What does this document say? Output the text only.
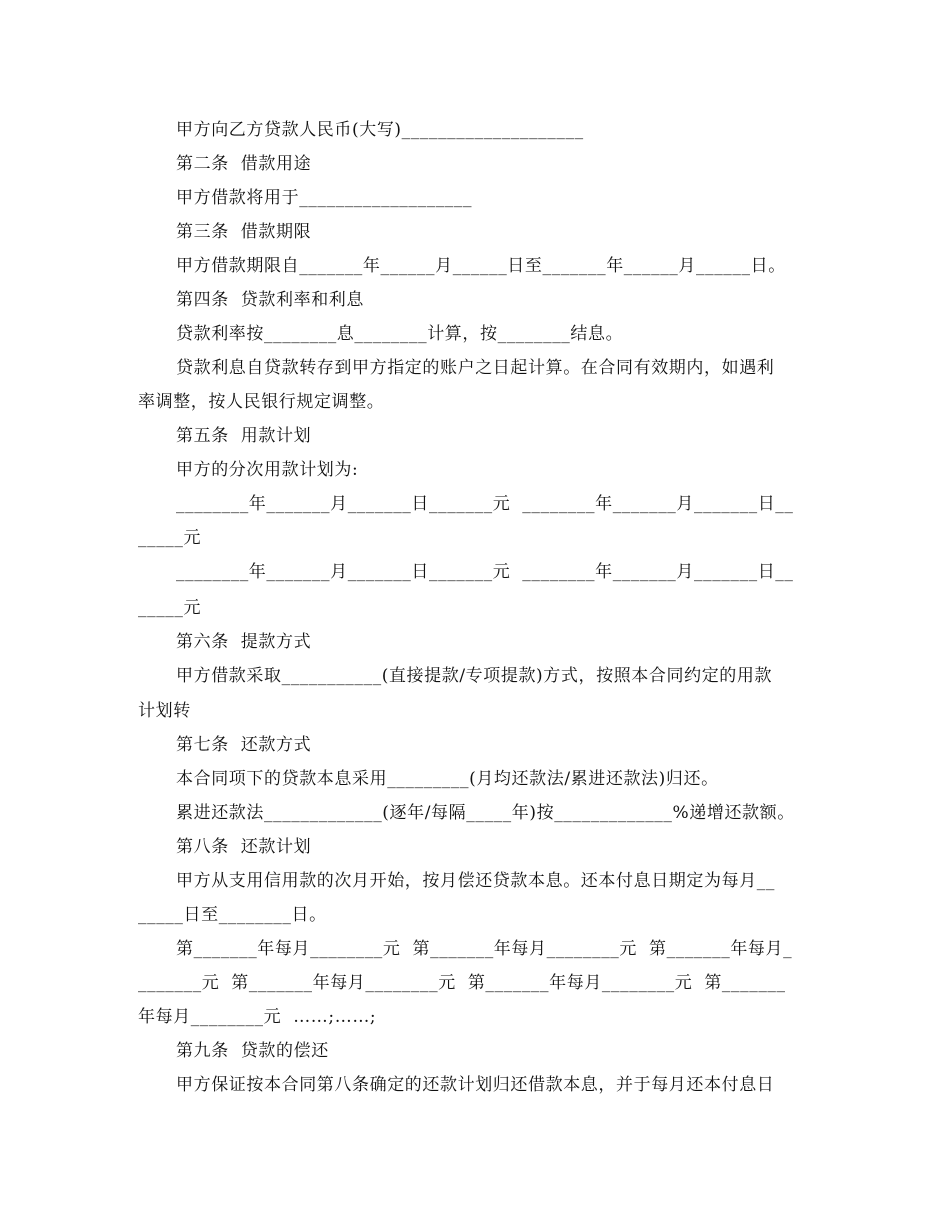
甲方向乙方贷款人民币(大写)____________________
第二条  借款用途
甲方借款将用于___________________
第三条  借款期限
甲方借款期限自_______年______月______日至_______年______月______日。
第四条  贷款利率和利息
贷款利率按________息________计算，按________结息。
贷款利息自贷款转存到甲方指定的账户之日起计算。在合同有效期内，如遇利
率调整，按人民银行规定调整。
第五条  用款计划
甲方的分次用款计划为:
________年_______月_______日_______元  ________年_______月_______日__
_____元
________年_______月_______日_______元  ________年_______月_______日__
_____元
第六条  提款方式
甲方借款采取___________(直接提款/专项提款)方式，按照本合同约定的用款
计划转
第七条  还款方式
本合同项下的贷款本息采用_________(月均还款法/累进还款法)归还。
累进还款法_____________(逐年/每隔_____年)按_____________%递增还款额。
第八条  还款计划
甲方从支用信用款的次月开始，按月偿还贷款本息。还本付息日期定为每月__
_____日至________日。
第_______年每月________元  第_______年每月________元  第_______年每月_
_______元  第_______年每月________元  第_______年每月________元  第_______
年每月________元  ……;……;
第九条  贷款的偿还
甲方保证按本合同第八条确定的还款计划归还借款本息，并于每月还本付息日
